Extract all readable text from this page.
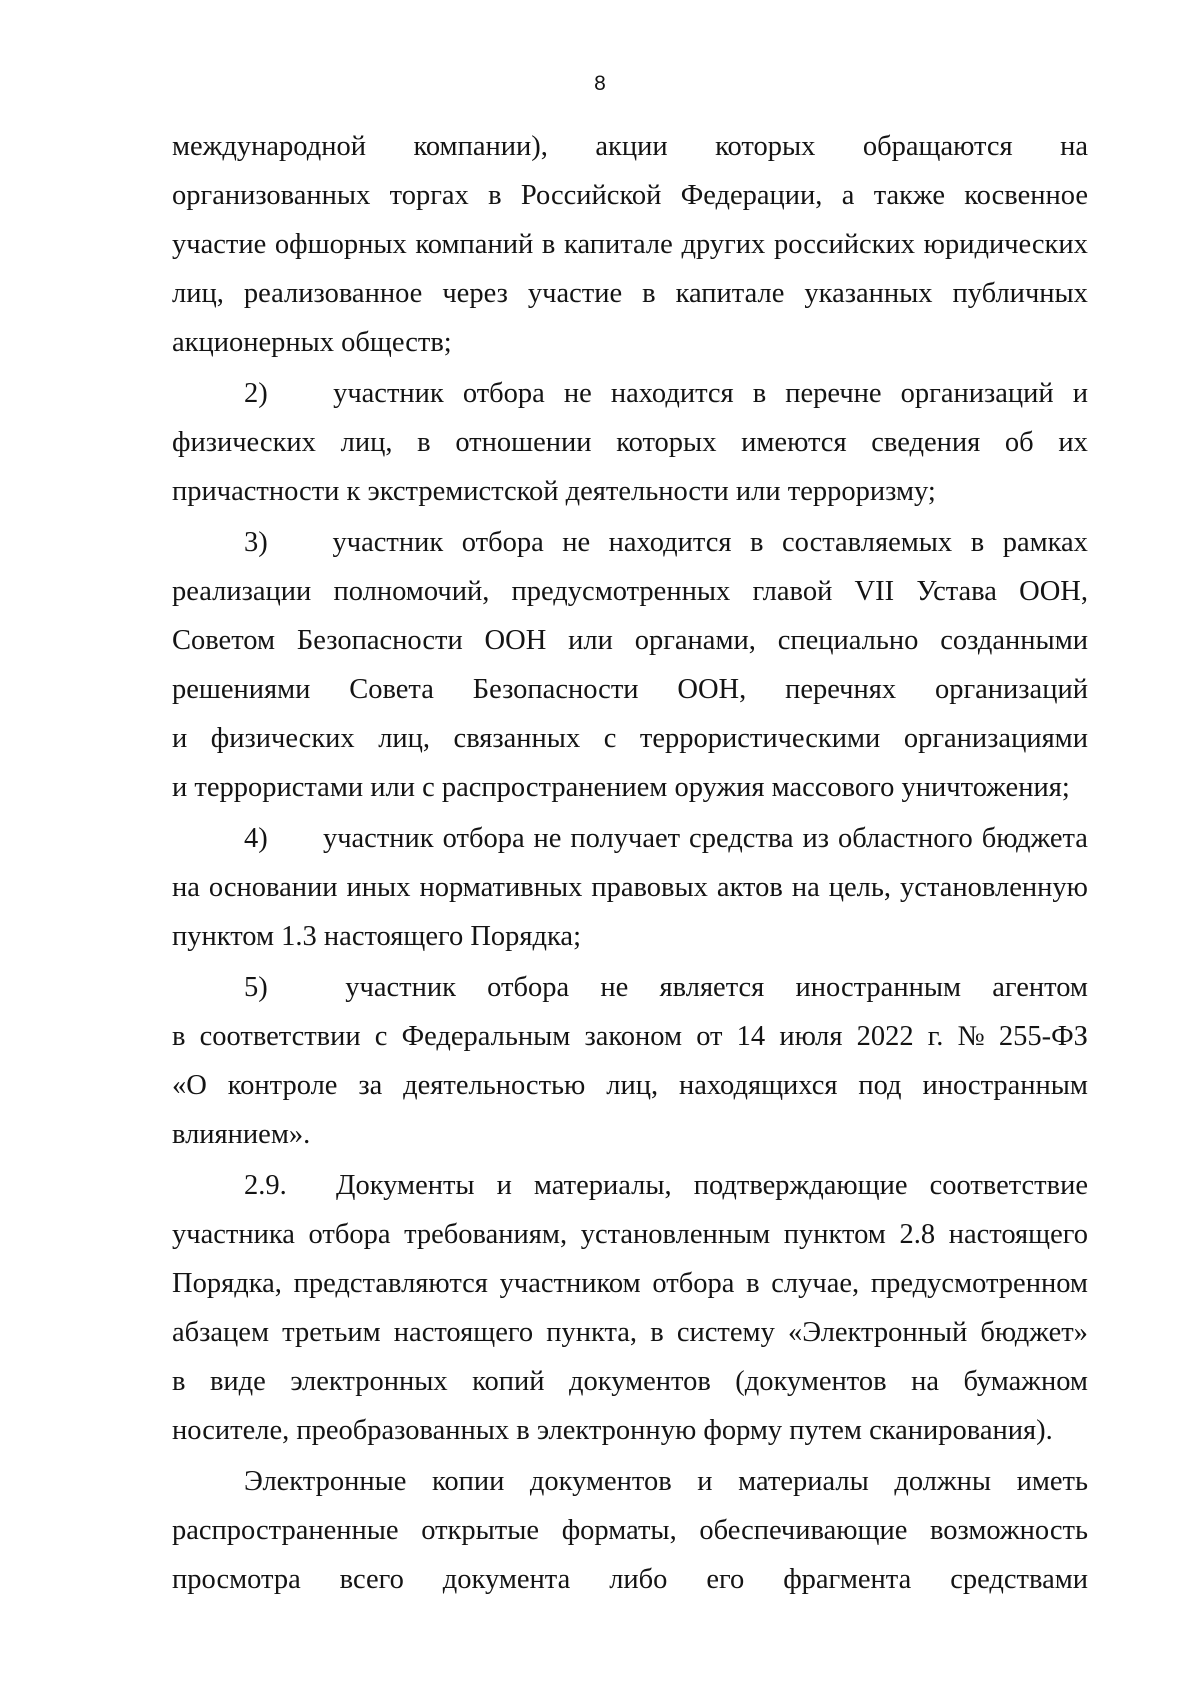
8
международной компании), акции которых обращаются на
организованных торгах в Российской Федерации, а также косвенное
участие офшорных компаний в капитале других российских юридических
лиц, реализованное через участие в капитале указанных публичных
акционерных обществ;
2)	участник отбора не находится в перечне организаций и
физических лиц, в отношении которых имеются сведения об их
причастности к экстремистской деятельности или терроризму;
3)	участник отбора не находится в составляемых в рамках
реализации полномочий, предусмотренных главой VII Устава ООН,
Советом Безопасности ООН или органами, специально созданными
решениями Совета Безопасности ООН, перечнях организаций
и физических лиц, связанных с террористическими организациями
и террористами или с распространением оружия массового уничтожения;
4)	участник отбора не получает средства из областного бюджета
на основании иных нормативных правовых актов на цель, установленную
пунктом 1.3 настоящего Порядка;
5)	участник отбора не является иностранным агентом
в соответствии с Федеральным законом от 14 июля 2022 г. № 255-ФЗ
«О контроле за деятельностью лиц, находящихся под иностранным
влиянием».
2.9.	Документы и материалы, подтверждающие соответствие
участника отбора требованиям, установленным пунктом 2.8 настоящего
Порядка, представляются участником отбора в случае, предусмотренном
абзацем третьим настоящего пункта, в систему «Электронный бюджет»
в виде электронных копий документов (документов на бумажном
носителе, преобразованных в электронную форму путем сканирования).
Электронные копии документов и материалы должны иметь
распространенные открытые форматы, обеспечивающие возможность
просмотра всего документа либо его фрагмента средствами
